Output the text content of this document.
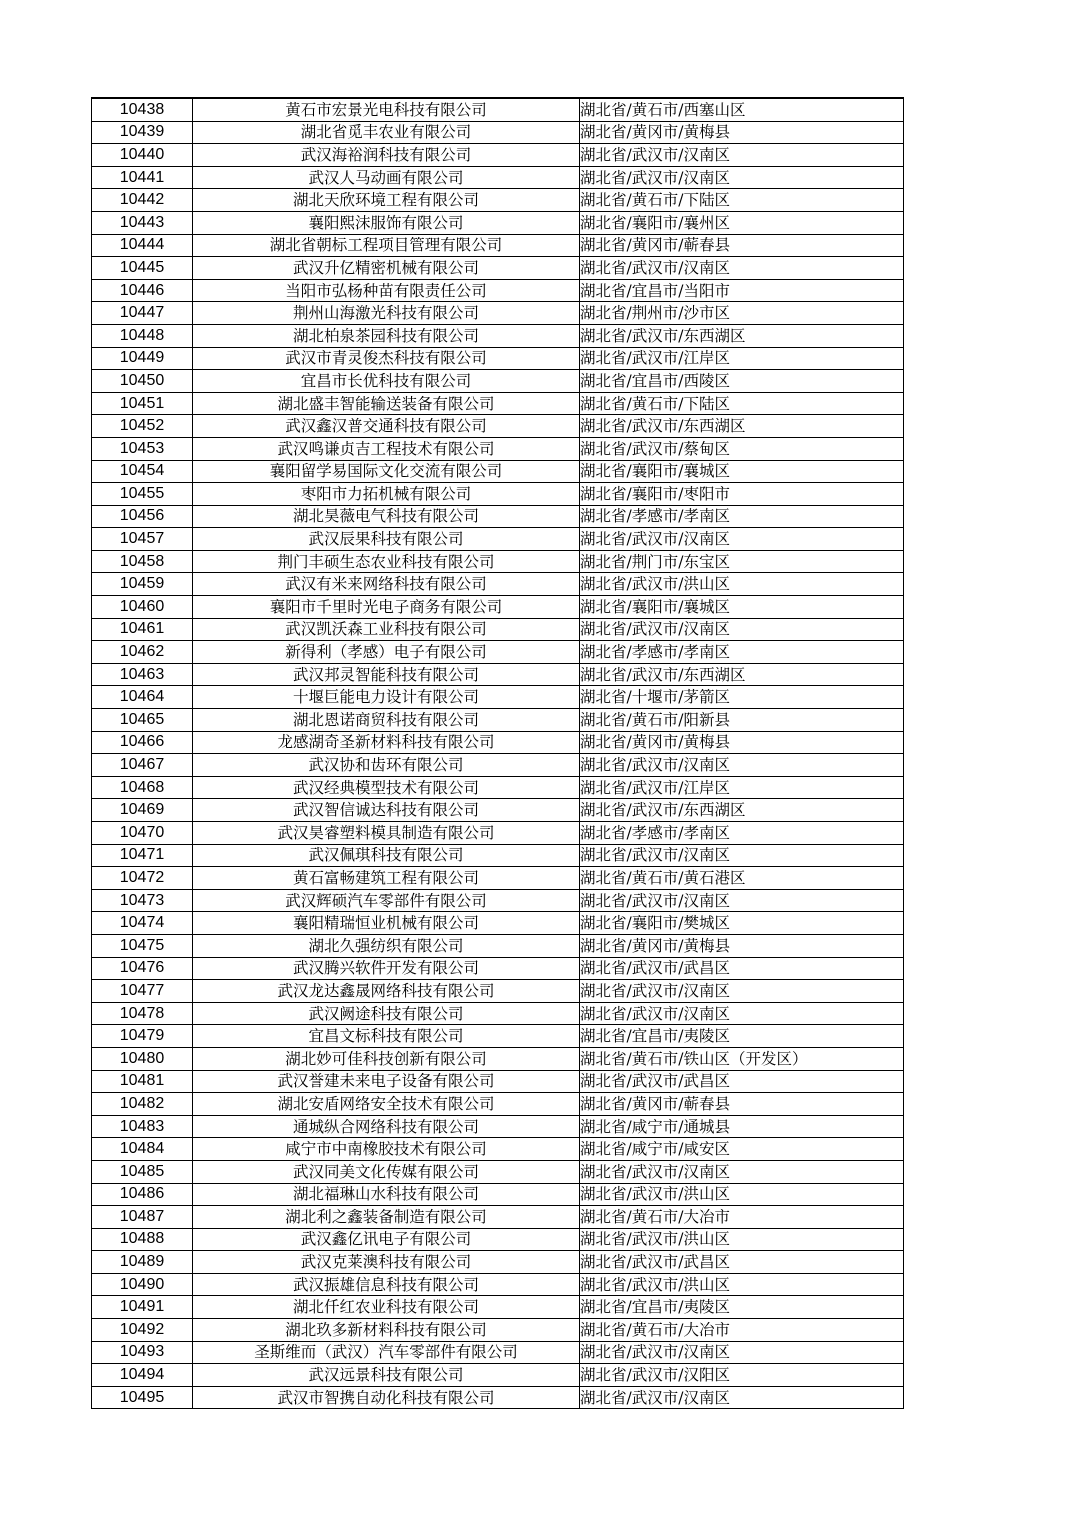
10438	黄石市宏景光电科技有限公司	湖北省/黄石市/西塞山区
10439	湖北省觅丰农业有限公司	湖北省/黄冈市/黄梅县
10440	武汉海裕润科技有限公司	湖北省/武汉市/汉南区
10441	武汉人马动画有限公司	湖北省/武汉市/汉南区
10442	湖北天欣环境工程有限公司	湖北省/黄石市/下陆区
10443	襄阳熙沫服饰有限公司	湖北省/襄阳市/襄州区
10444	湖北省朝标工程项目管理有限公司	湖北省/黄冈市/蕲春县
10445	武汉升亿精密机械有限公司	湖北省/武汉市/汉南区
10446	当阳市弘杨种苗有限责任公司	湖北省/宜昌市/当阳市
10447	荆州山海激光科技有限公司	湖北省/荆州市/沙市区
10448	湖北柏泉茶园科技有限公司	湖北省/武汉市/东西湖区
10449	武汉市青灵俊杰科技有限公司	湖北省/武汉市/江岸区
10450	宜昌市长优科技有限公司	湖北省/宜昌市/西陵区
10451	湖北盛丰智能输送装备有限公司	湖北省/黄石市/下陆区
10452	武汉鑫汉普交通科技有限公司	湖北省/武汉市/东西湖区
10453	武汉鸣谦贞吉工程技术有限公司	湖北省/武汉市/蔡甸区
10454	襄阳留学易国际文化交流有限公司	湖北省/襄阳市/襄城区
10455	枣阳市力拓机械有限公司	湖北省/襄阳市/枣阳市
10456	湖北昊薇电气科技有限公司	湖北省/孝感市/孝南区
10457	武汉辰果科技有限公司	湖北省/武汉市/汉南区
10458	荆门丰硕生态农业科技有限公司	湖北省/荆门市/东宝区
10459	武汉有米来网络科技有限公司	湖北省/武汉市/洪山区
10460	襄阳市千里时光电子商务有限公司	湖北省/襄阳市/襄城区
10461	武汉凯沃森工业科技有限公司	湖北省/武汉市/汉南区
10462	新得利（孝感）电子有限公司	湖北省/孝感市/孝南区
10463	武汉邦灵智能科技有限公司	湖北省/武汉市/东西湖区
10464	十堰巨能电力设计有限公司	湖北省/十堰市/茅箭区
10465	湖北恩诺商贸科技有限公司	湖北省/黄石市/阳新县
10466	龙感湖奇圣新材料科技有限公司	湖北省/黄冈市/黄梅县
10467	武汉协和齿环有限公司	湖北省/武汉市/汉南区
10468	武汉经典模型技术有限公司	湖北省/武汉市/江岸区
10469	武汉智信诚达科技有限公司	湖北省/武汉市/东西湖区
10470	武汉昊睿塑料模具制造有限公司	湖北省/孝感市/孝南区
10471	武汉佩琪科技有限公司	湖北省/武汉市/汉南区
10472	黄石富畅建筑工程有限公司	湖北省/黄石市/黄石港区
10473	武汉辉硕汽车零部件有限公司	湖北省/武汉市/汉南区
10474	襄阳精瑞恒业机械有限公司	湖北省/襄阳市/樊城区
10475	湖北久强纺织有限公司	湖北省/黄冈市/黄梅县
10476	武汉腾兴软件开发有限公司	湖北省/武汉市/武昌区
10477	武汉龙达鑫晟网络科技有限公司	湖北省/武汉市/汉南区
10478	武汉阙途科技有限公司	湖北省/武汉市/汉南区
10479	宜昌文标科技有限公司	湖北省/宜昌市/夷陵区
10480	湖北妙可佳科技创新有限公司	湖北省/黄石市/铁山区（开发区）
10481	武汉誉建未来电子设备有限公司	湖北省/武汉市/武昌区
10482	湖北安盾网络安全技术有限公司	湖北省/黄冈市/蕲春县
10483	通城纵合网络科技有限公司	湖北省/咸宁市/通城县
10484	咸宁市中南橡胶技术有限公司	湖北省/咸宁市/咸安区
10485	武汉同美文化传媒有限公司	湖北省/武汉市/汉南区
10486	湖北福琳山水科技有限公司	湖北省/武汉市/洪山区
10487	湖北利之鑫装备制造有限公司	湖北省/黄石市/大冶市
10488	武汉鑫亿讯电子有限公司	湖北省/武汉市/洪山区
10489	武汉克莱澳科技有限公司	湖北省/武汉市/武昌区
10490	武汉振雄信息科技有限公司	湖北省/武汉市/洪山区
10491	湖北仟红农业科技有限公司	湖北省/宜昌市/夷陵区
10492	湖北玖多新材料科技有限公司	湖北省/黄石市/大冶市
10493	圣斯维而（武汉）汽车零部件有限公司	湖北省/武汉市/汉南区
10494	武汉远景科技有限公司	湖北省/武汉市/汉阳区
10495	武汉市智携自动化科技有限公司	湖北省/武汉市/汉南区
